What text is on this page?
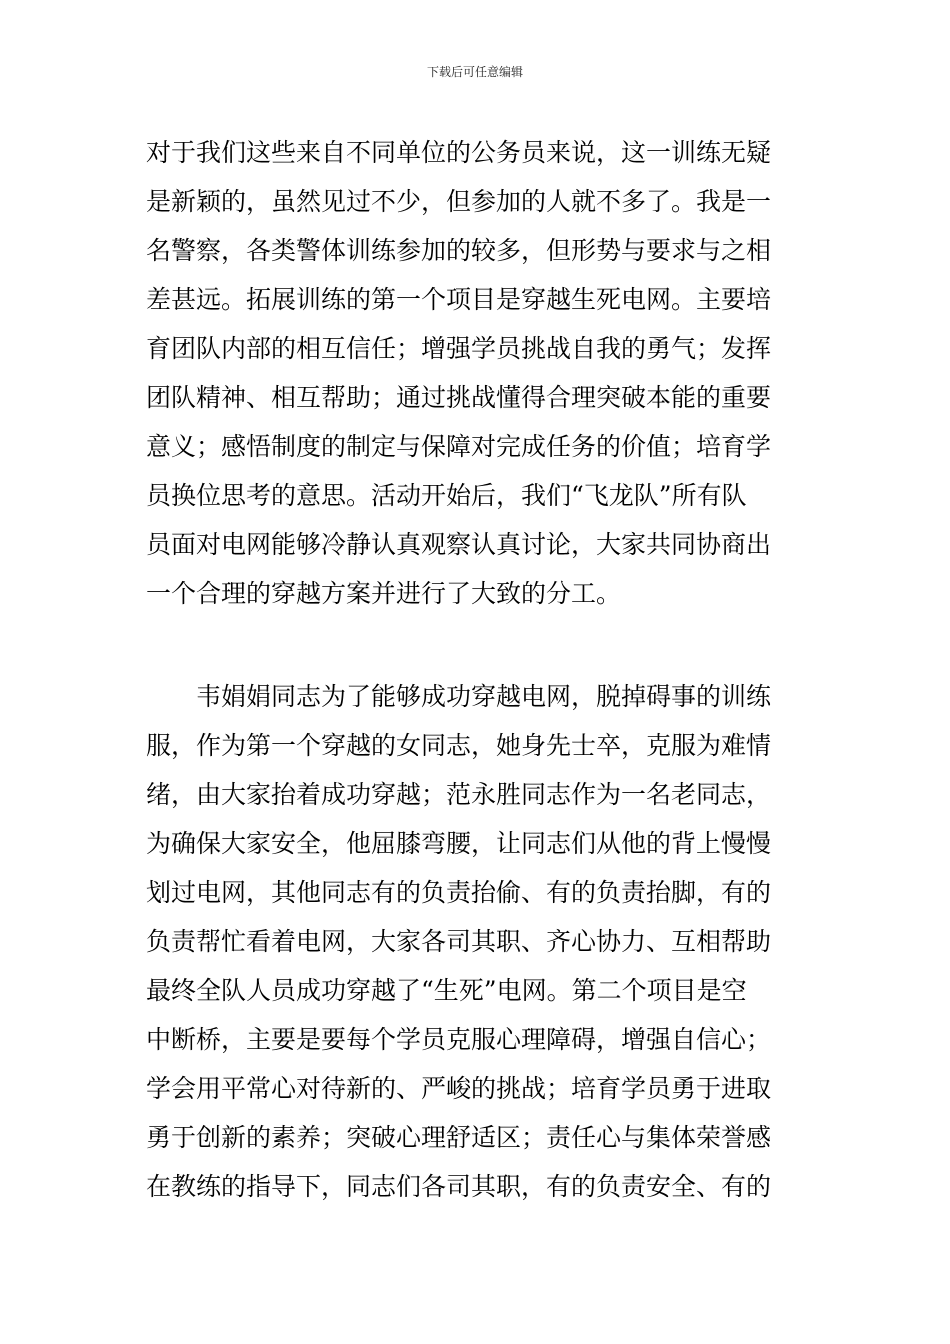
下载后可任意编辑
对于我们这些来自不同单位的公务员来说，这一训练无疑
是新颖的，虽然见过不少，但参加的人就不多了。我是一
名警察，各类警体训练参加的较多，但形势与要求与之相
差甚远。拓展训练的第一个项目是穿越生死电网。主要培
育团队内部的相互信任；增强学员挑战自我的勇气；发挥
团队精神、相互帮助；通过挑战懂得合理突破本能的重要
意义；感悟制度的制定与保障对完成任务的价值；培育学
员换位思考的意思。活动开始后，我们“飞龙队”所有队
员面对电网能够冷静认真观察认真讨论，大家共同协商出
一个合理的穿越方案并进行了大致的分工。
　　韦娟娟同志为了能够成功穿越电网，脱掉碍事的训练
服，作为第一个穿越的女同志，她身先士卒，克服为难情
绪，由大家抬着成功穿越；范永胜同志作为一名老同志，
为确保大家安全，他屈膝弯腰，让同志们从他的背上慢慢
划过电网，其他同志有的负责抬偷、有的负责抬脚，有的
负责帮忙看着电网，大家各司其职、齐心协力、互相帮助
最终全队人员成功穿越了“生死”电网。第二个项目是空
中断桥，主要是要每个学员克服心理障碍，增强自信心；
学会用平常心对待新的、严峻的挑战；培育学员勇于进取
勇于创新的素养；突破心理舒适区；责任心与集体荣誉感
在教练的指导下，同志们各司其职，有的负责安全、有的
